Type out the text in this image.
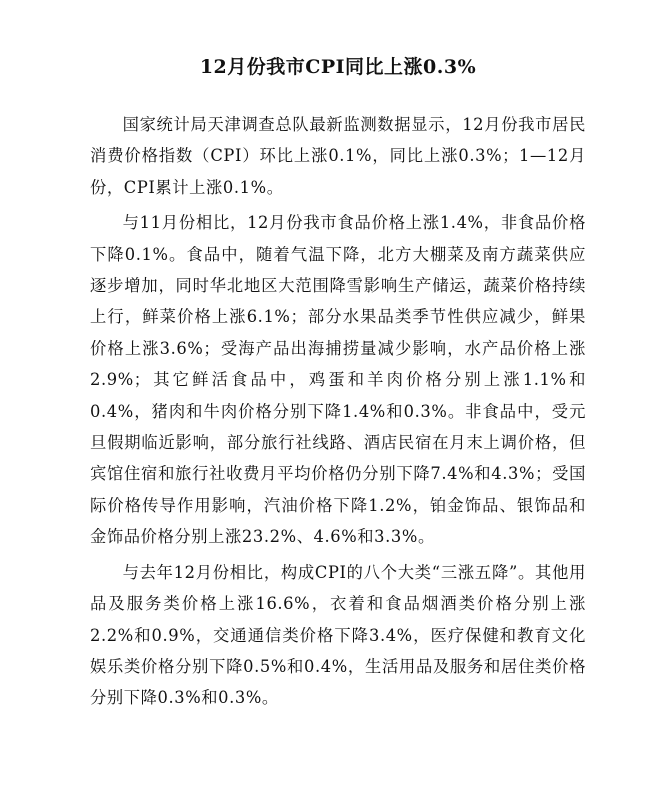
12月份我市CPI同比上涨0.3%

国家统计局天津调查总队最新监测数据显示，12月份我市居民消费价格指数（CPI）环比上涨0.1%，同比上涨0.3%；1—12月份，CPI累计上涨0.1%。

与11月份相比，12月份我市食品价格上涨1.4%，非食品价格下降0.1%。食品中，随着气温下降，北方大棚菜及南方蔬菜供应逐步增加，同时华北地区大范围降雪影响生产储运，蔬菜价格持续上行，鲜菜价格上涨6.1%；部分水果品类季节性供应减少，鲜果价格上涨3.6%；受海产品出海捕捞量减少影响，水产品价格上涨2.9%；其它鲜活食品中，鸡蛋和羊肉价格分别上涨1.1%和0.4%，猪肉和牛肉价格分别下降1.4%和0.3%。非食品中，受元旦假期临近影响，部分旅行社线路、酒店民宿在月末上调价格，但宾馆住宿和旅行社收费月平均价格仍分别下降7.4%和4.3%；受国际价格传导作用影响，汽油价格下降1.2%，铂金饰品、银饰品和金饰品价格分别上涨23.2%、4.6%和3.3%。

与去年12月份相比，构成CPI的八个大类“三涨五降”。其他用品及服务类价格上涨16.6%，衣着和食品烟酒类价格分别上涨2.2%和0.9%，交通通信类价格下降3.4%，医疗保健和教育文化娱乐类价格分别下降0.5%和0.4%，生活用品及服务和居住类价格分别下降0.3%和0.3%。
